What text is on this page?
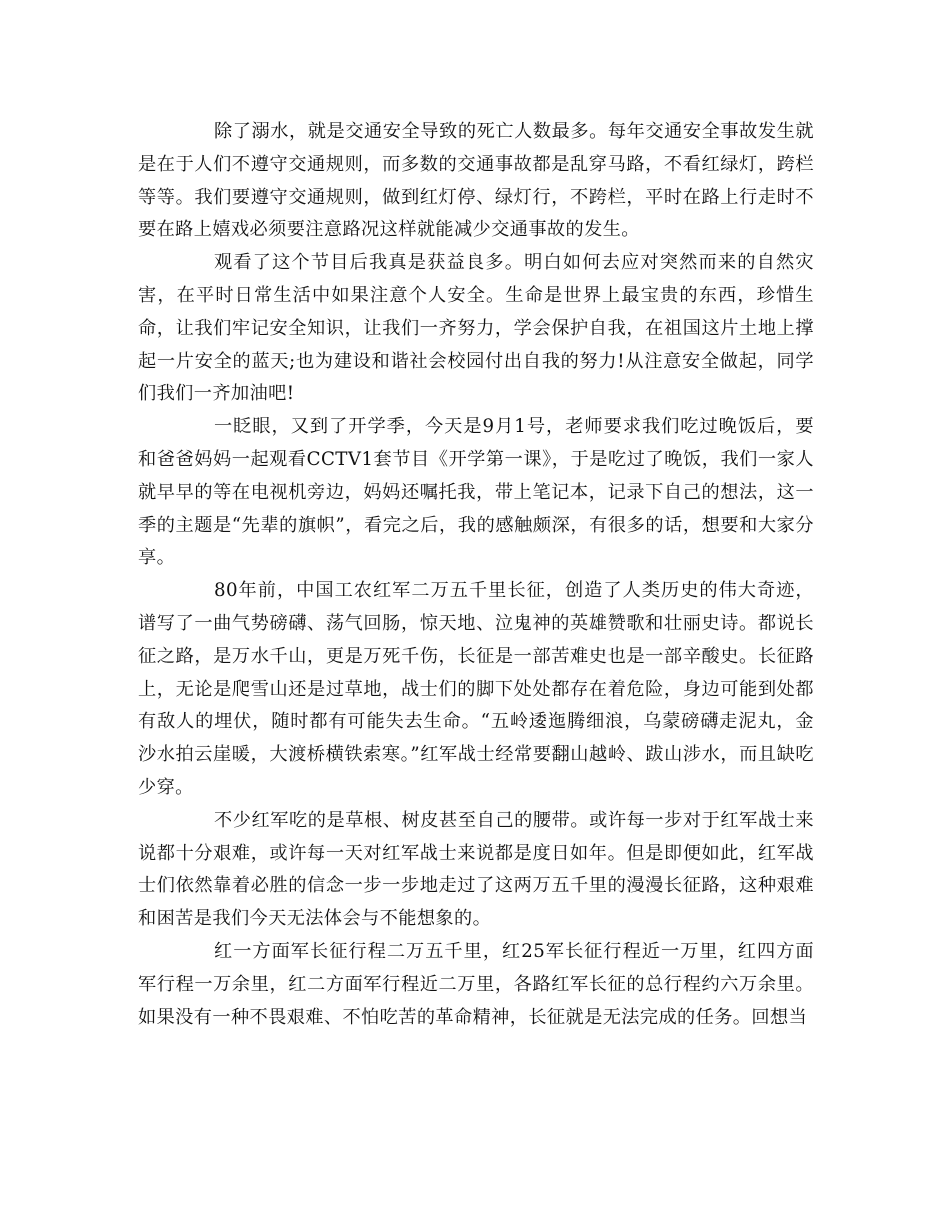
除了溺水，就是交通安全导致的死亡人数最多。每年交通安全事故发生就是在于人们不遵守交通规则，而多数的交通事故都是乱穿马路，不看红绿灯，跨栏等等。我们要遵守交通规则，做到红灯停、绿灯行，不跨栏，平时在路上行走时不要在路上嬉戏必须要注意路况这样就能减少交通事故的发生。

观看了这个节目后我真是获益良多。明白如何去应对突然而来的自然灾害，在平时日常生活中如果注意个人安全。生命是世界上最宝贵的东西，珍惜生命，让我们牢记安全知识，让我们一齐努力，学会保护自我，在祖国这片土地上撑起一片安全的蓝天;也为建设和谐社会校园付出自我的努力!从注意安全做起，同学们我们一齐加油吧!

一眨眼，又到了开学季，今天是9月1号，老师要求我们吃过晚饭后，要和爸爸妈妈一起观看CCTV1套节目《开学第一课》，于是吃过了晚饭，我们一家人就早早的等在电视机旁边，妈妈还嘱托我，带上笔记本，记录下自己的想法，这一季的主题是“先辈的旗帜”，看完之后，我的感触颇深，有很多的话，想要和大家分享。

80年前，中国工农红军二万五千里长征，创造了人类历史的伟大奇迹，谱写了一曲气势磅礴、荡气回肠，惊天地、泣鬼神的英雄赞歌和壮丽史诗。都说长征之路，是万水千山，更是万死千伤，长征是一部苦难史也是一部辛酸史。长征路上，无论是爬雪山还是过草地，战士们的脚下处处都存在着危险，身边可能到处都有敌人的埋伏，随时都有可能失去生命。“五岭逶迤腾细浪，乌蒙磅礴走泥丸，金沙水拍云崖暖，大渡桥横铁索寒。”红军战士经常要翻山越岭、跋山涉水，而且缺吃少穿。

不少红军吃的是草根、树皮甚至自己的腰带。或许每一步对于红军战士来说都十分艰难，或许每一天对红军战士来说都是度日如年。但是即便如此，红军战士们依然靠着必胜的信念一步一步地走过了这两万五千里的漫漫长征路，这种艰难和困苦是我们今天无法体会与不能想象的。

红一方面军长征行程二万五千里，红25军长征行程近一万里，红四方面军行程一万余里，红二方面军行程近二万里，各路红军长征的总行程约六万余里。如果没有一种不畏艰难、不怕吃苦的革命精神，长征就是无法完成的任务。回想当
